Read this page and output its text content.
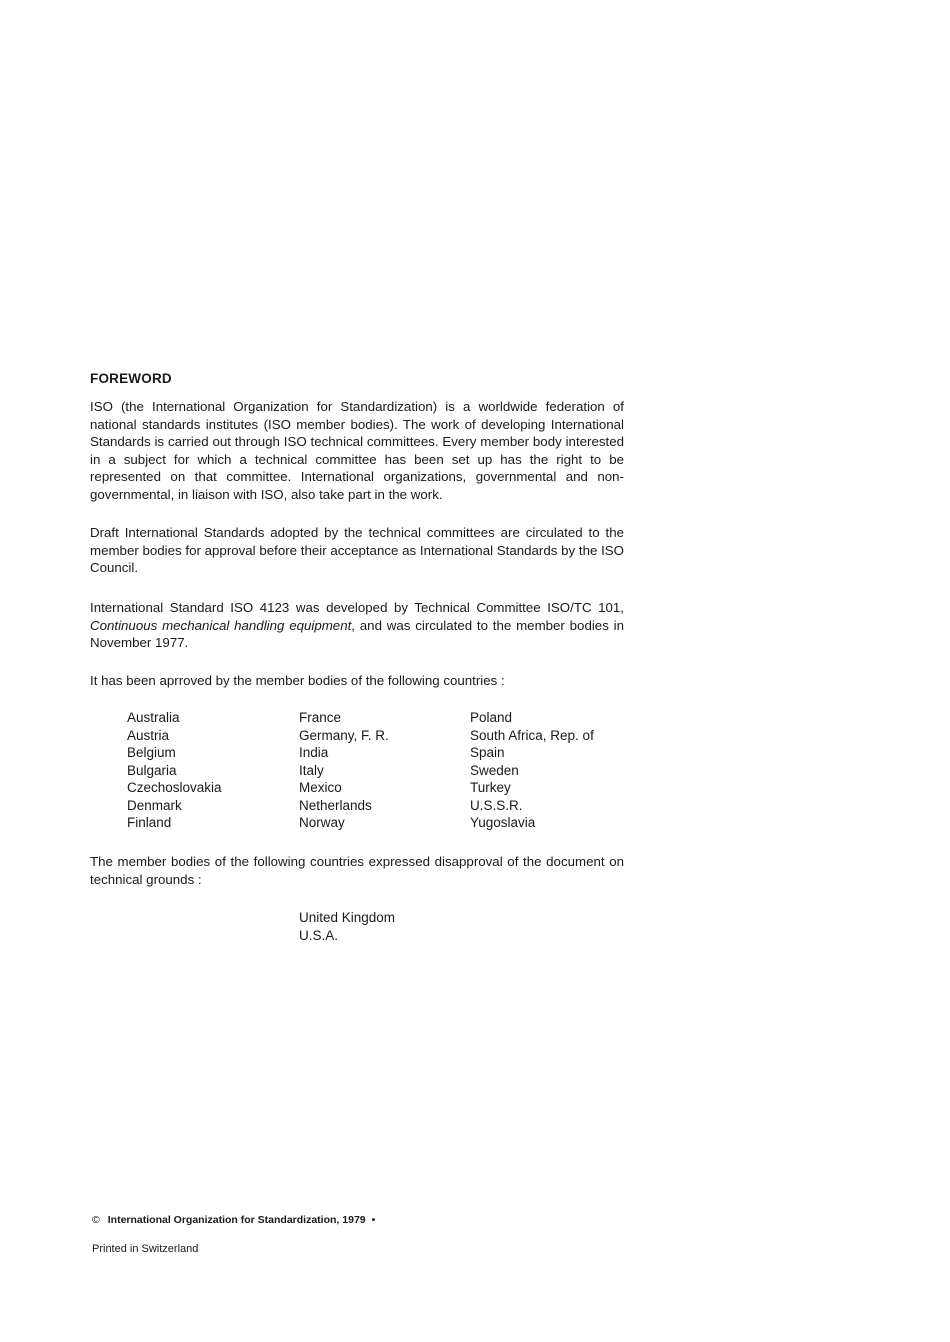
FOREWORD

ISO (the International Organization for Standardization) is a worldwide federation of national standards institutes (ISO member bodies). The work of developing International Standards is carried out through ISO technical committees. Every member body interested in a subject for which a technical committee has been set up has the right to be represented on that committee. International organizations, governmental and non-governmental, in liaison with ISO, also take part in the work.

Draft International Standards adopted by the technical committees are circulated to the member bodies for approval before their acceptance as International Standards by the ISO Council.

International Standard ISO 4123 was developed by Technical Committee ISO/TC 101, Continuous mechanical handling equipment, and was circulated to the member bodies in November 1977.

It has been aprroved by the member bodies of the following countries :

Australia
Austria
Belgium
Bulgaria
Czechoslovakia
Denmark
Finland
France
Germany, F. R.
India
Italy
Mexico
Netherlands
Norway
Poland
South Africa, Rep. of
Spain
Sweden
Turkey
U.S.S.R.
Yugoslavia

The member bodies of the following countries expressed disapproval of the document on technical grounds :

United Kingdom
U.S.A.

© International Organization for Standardization, 1979 •

Printed in Switzerland
